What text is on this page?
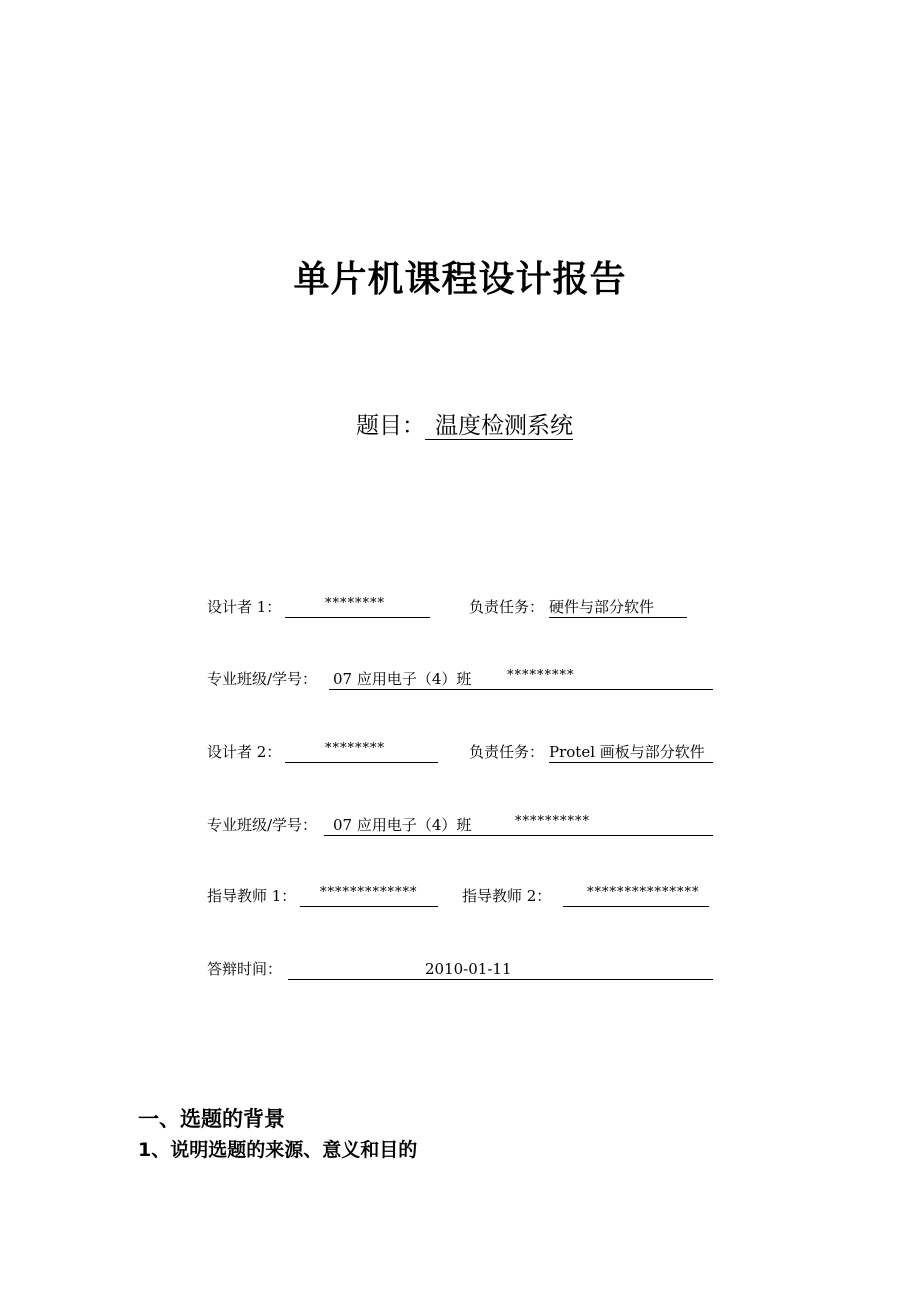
单片机课程设计报告
题目： 温度检测系统
设计者 1：	********	负责任务： 硬件与部分软件
专业班级/学号： 07 应用电子（4）班	*********
设计者 2：	********	负责任务： Protel 画板与部分软件
专业班级/学号： 07 应用电子（4）班	**********
指导教师 1： *************	指导教师 2：	***************
答辩时间：	2010-01-11
一、选题的背景
1、说明选题的来源、意义和目的
